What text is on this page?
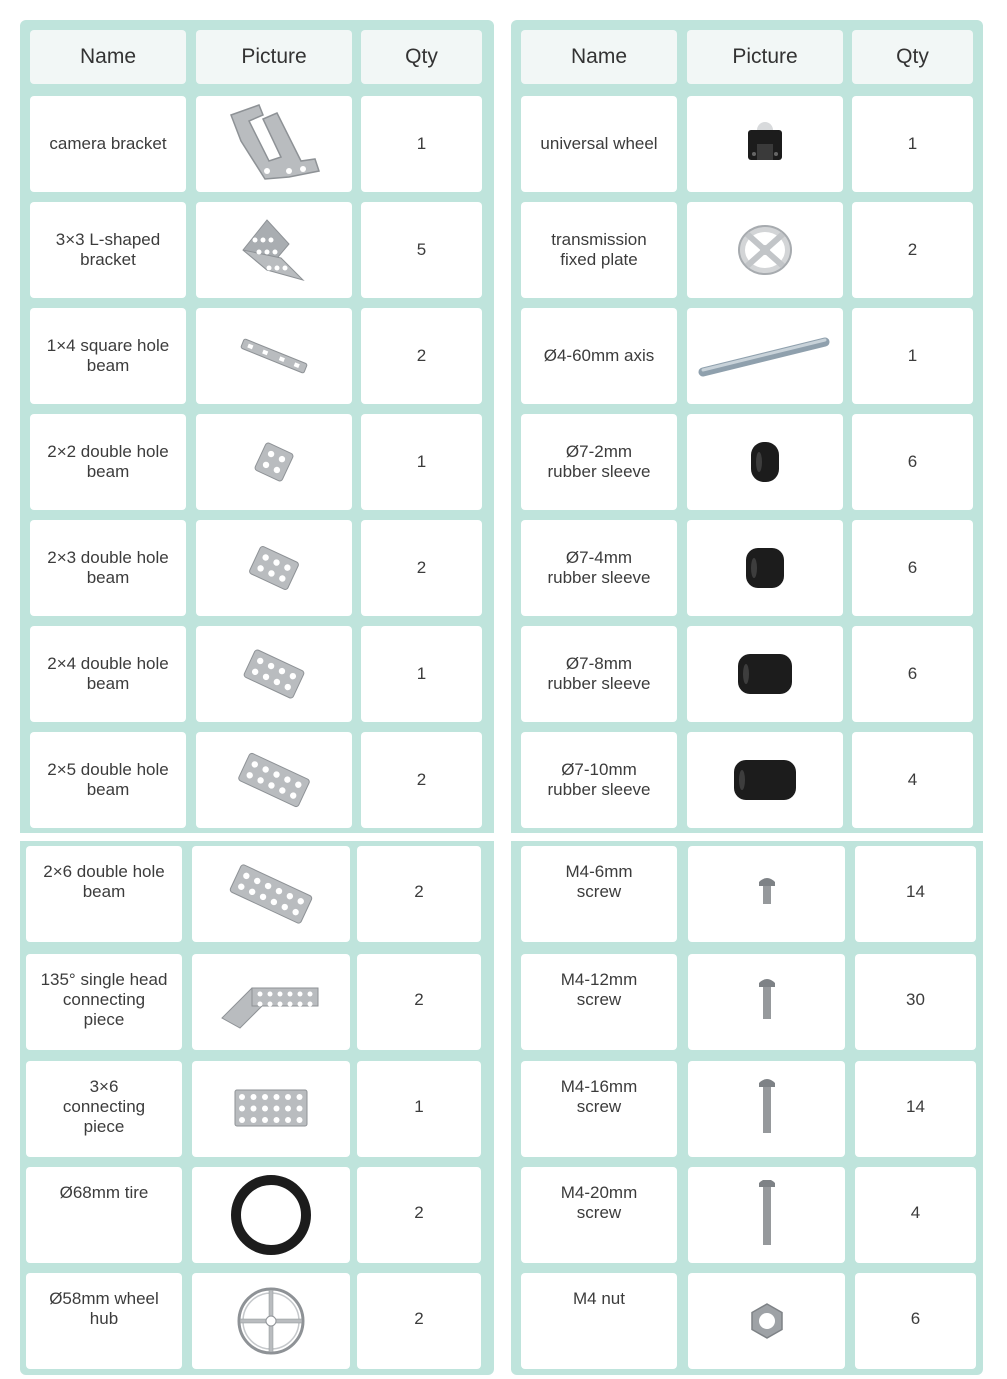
Name	Picture	Qty
camera bracket	1
3×3 L-shaped
bracket
5
1×4 square hole
beam
2
2×2 double hole
beam
1
2×3 double hole
beam
2
2×4 double hole
beam
1
2×5 double hole
beam
2
2×6 double hole
beam	2
135° single head
connecting
piece
2
3×6
connecting
piece
1
Ø68mm tire
2
Ø58mm wheel
hub	2
Name	Picture	Qty
universal wheel	1
transmission
fixed plate
2
Ø4-60mm axis	1
Ø7-2mm
rubber sleeve
6
Ø7-4mm
rubber sleeve
6
Ø7-8mm
rubber sleeve
6
Ø7-10mm
rubber sleeve
4
M4-6mm
screw	14
M4-12mm
screw	30
M4-16mm
screw	14
M4-20mm
screw	4
M4 nut
6
